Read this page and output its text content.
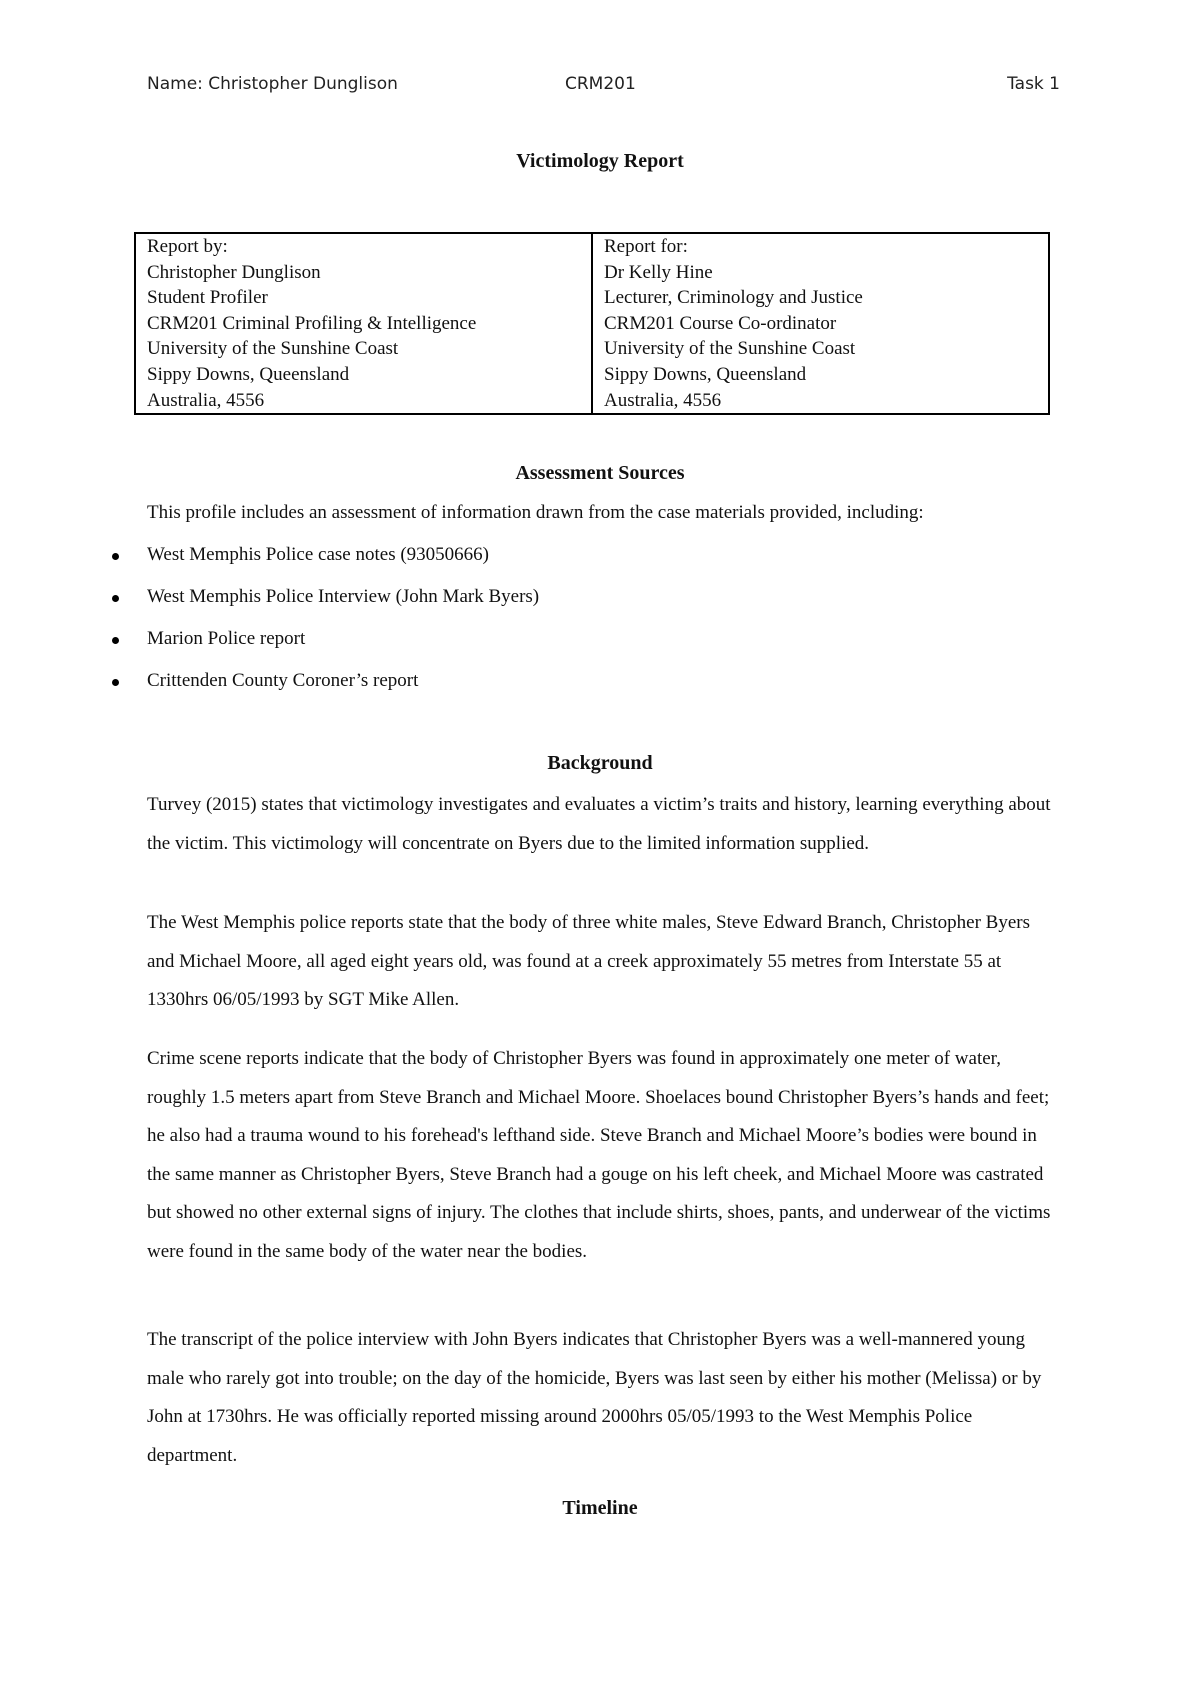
Name: Christopher Dunglison	CRM201	Task 1
Victimology Report
Report by:
Christopher Dunglison
Student Profiler
CRM201 Criminal Profiling & Intelligence
University of the Sunshine Coast
Sippy Downs, Queensland
Australia, 4556

Report for:
Dr Kelly Hine
Lecturer, Criminology and Justice
CRM201 Course Co-ordinator
University of the Sunshine Coast
Sippy Downs, Queensland
Australia, 4556
Assessment Sources
This profile includes an assessment of information drawn from the case materials provided, including:
West Memphis Police case notes (93050666)
West Memphis Police Interview (John Mark Byers)
Marion Police report
Crittenden County Coroner’s report
Background
Turvey (2015) states that victimology investigates and evaluates a victim’s traits and history, learning everything about the victim. This victimology will concentrate on Byers due to the limited information supplied.
The West Memphis police reports state that the body of three white males, Steve Edward Branch, Christopher Byers and Michael Moore, all aged eight years old, was found at a creek approximately 55 metres from Interstate 55 at 1330hrs 06/05/1993 by SGT Mike Allen.
Crime scene reports indicate that the body of Christopher Byers was found in approximately one meter of water, roughly 1.5 meters apart from Steve Branch and Michael Moore. Shoelaces bound Christopher Byers’s hands and feet; he also had a trauma wound to his forehead's lefthand side. Steve Branch and Michael Moore’s bodies were bound in the same manner as Christopher Byers, Steve Branch had a gouge on his left cheek, and Michael Moore was castrated but showed no other external signs of injury. The clothes that include shirts, shoes, pants, and underwear of the victims were found in the same body of the water near the bodies.
The transcript of the police interview with John Byers indicates that Christopher Byers was a well-mannered young male who rarely got into trouble; on the day of the homicide, Byers was last seen by either his mother (Melissa) or by John at 1730hrs. He was officially reported missing around 2000hrs 05/05/1993 to the West Memphis Police department.
Timeline
